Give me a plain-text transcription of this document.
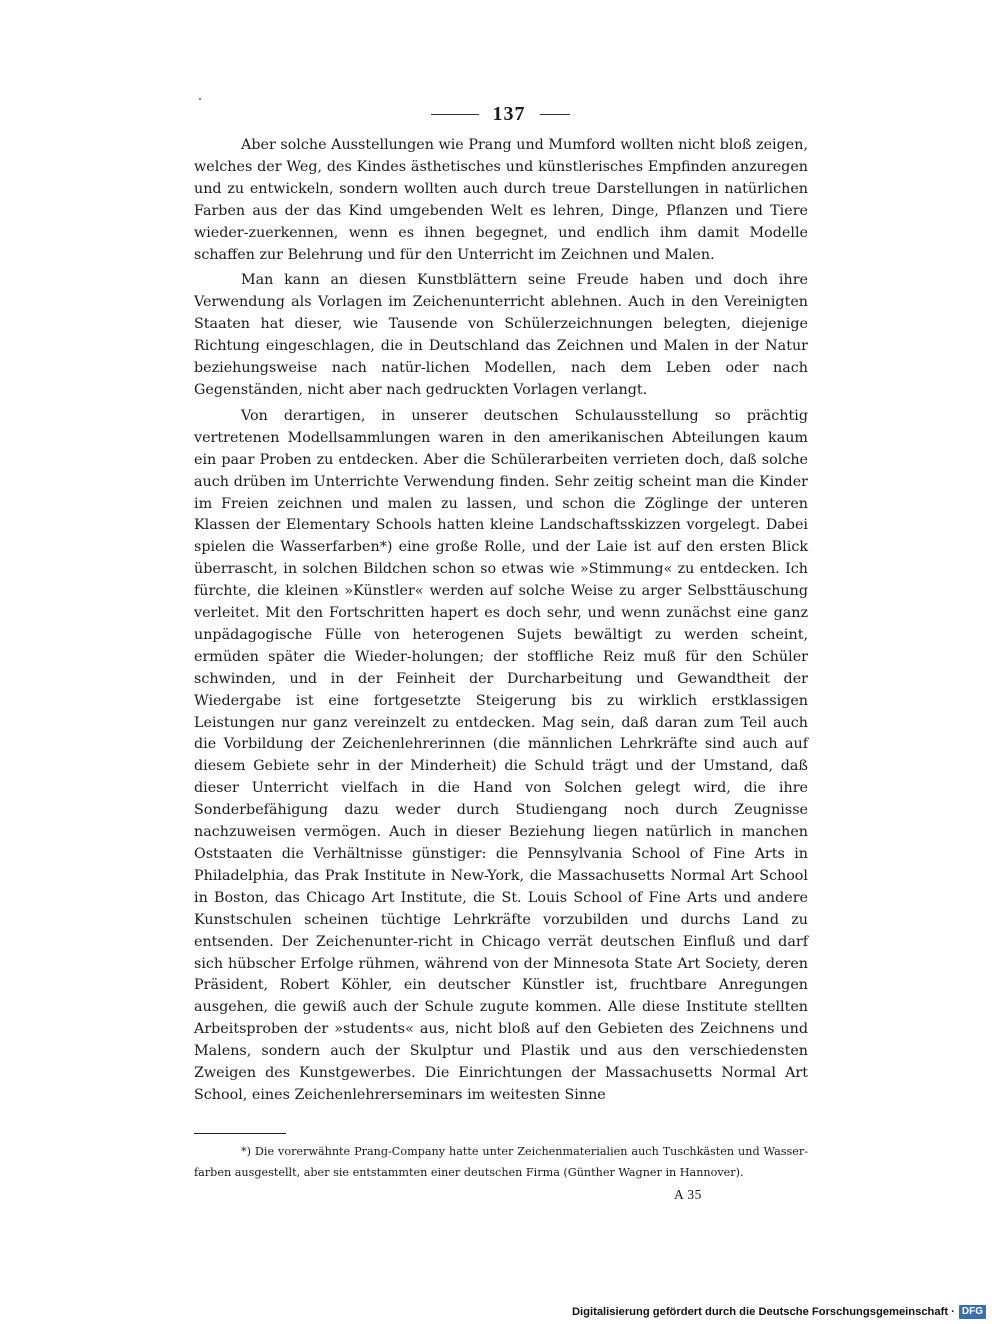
137

Aber solche Ausstellungen wie Prang und Mumford wollten nicht bloß zeigen, welches der Weg, des Kindes ästhetisches und künstlerisches Empfinden anzuregen und zu entwickeln, sondern wollten auch durch treue Darstellungen in natürlichen Farben aus der das Kind umgebenden Welt es lehren, Dinge, Pflanzen und Tiere wieder-zuerkennen, wenn es ihnen begegnet, und endlich ihm damit Modelle schaffen zur Belehrung und für den Unterricht im Zeichnen und Malen.

Man kann an diesen Kunstblättern seine Freude haben und doch ihre Verwendung als Vorlagen im Zeichenunterricht ablehnen. Auch in den Vereinigten Staaten hat dieser, wie Tausende von Schülerzeichnungen belegten, diejenige Richtung eingeschlagen, die in Deutschland das Zeichnen und Malen in der Natur beziehungsweise nach natür-lichen Modellen, nach dem Leben oder nach Gegenständen, nicht aber nach gedruckten Vorlagen verlangt.

Von derartigen, in unserer deutschen Schulausstellung so prächtig vertretenen Modellsammlungen waren in den amerikanischen Abteilungen kaum ein paar Proben zu entdecken. Aber die Schülerarbeiten verrieten doch, daß solche auch drüben im Unterrichte Verwendung finden. Sehr zeitig scheint man die Kinder im Freien zeichnen und malen zu lassen, und schon die Zöglinge der unteren Klassen der Elementary Schools hatten kleine Landschaftsskizzen vorgelegt. Dabei spielen die Wasserfarben*) eine große Rolle, und der Laie ist auf den ersten Blick überrascht, in solchen Bildchen schon so etwas wie »Stimmung« zu entdecken. Ich fürchte, die kleinen »Künstler« werden auf solche Weise zu arger Selbsttäuschung verleitet. Mit den Fortschritten hapert es doch sehr, und wenn zunächst eine ganz unpädagogische Fülle von heterogenen Sujets bewältigt zu werden scheint, ermüden später die Wieder-holungen; der stoffliche Reiz muß für den Schüler schwinden, und in der Feinheit der Durcharbeitung und Gewandtheit der Wiedergabe ist eine fortgesetzte Steigerung bis zu wirklich erstklassigen Leistungen nur ganz vereinzelt zu entdecken. Mag sein, daß daran zum Teil auch die Vorbildung der Zeichenlehrerinnen (die männlichen Lehrkräfte sind auch auf diesem Gebiete sehr in der Minderheit) die Schuld trägt und der Umstand, daß dieser Unterricht vielfach in die Hand von Solchen gelegt wird, die ihre Sonderbefähigung dazu weder durch Studiengang noch durch Zeugnisse nachzuweisen vermögen. Auch in dieser Beziehung liegen natürlich in manchen Oststaaten die Verhältnisse günstiger: die Pennsylvania School of Fine Arts in Philadelphia, das Prak Institute in New-York, die Massachusetts Normal Art School in Boston, das Chicago Art Institute, die St. Louis School of Fine Arts und andere Kunstschulen scheinen tüchtige Lehrkräfte vorzubilden und durchs Land zu entsenden. Der Zeichenunter-richt in Chicago verrät deutschen Einfluß und darf sich hübscher Erfolge rühmen, während von der Minnesota State Art Society, deren Präsident, Robert Köhler, ein deutscher Künstler ist, fruchtbare Anregungen ausgehen, die gewiß auch der Schule zugute kommen. Alle diese Institute stellten Arbeitsproben der »students« aus, nicht bloß auf den Gebieten des Zeichnens und Malens, sondern auch der Skulptur und Plastik und aus den verschiedensten Zweigen des Kunstgewerbes. Die Einrichtungen der Massachusetts Normal Art School, eines Zeichenlehrerseminars im weitesten Sinne

*) Die vorerwähnte Prang-Company hatte unter Zeichenmaterialien auch Tuschkästen und Wasser-farben ausgestellt, aber sie entstammten einer deutschen Firma (Günther Wagner in Hannover).

A 35
Digitalisierung gefördert durch die Deutsche Forschungsgemeinschaft · DFG
